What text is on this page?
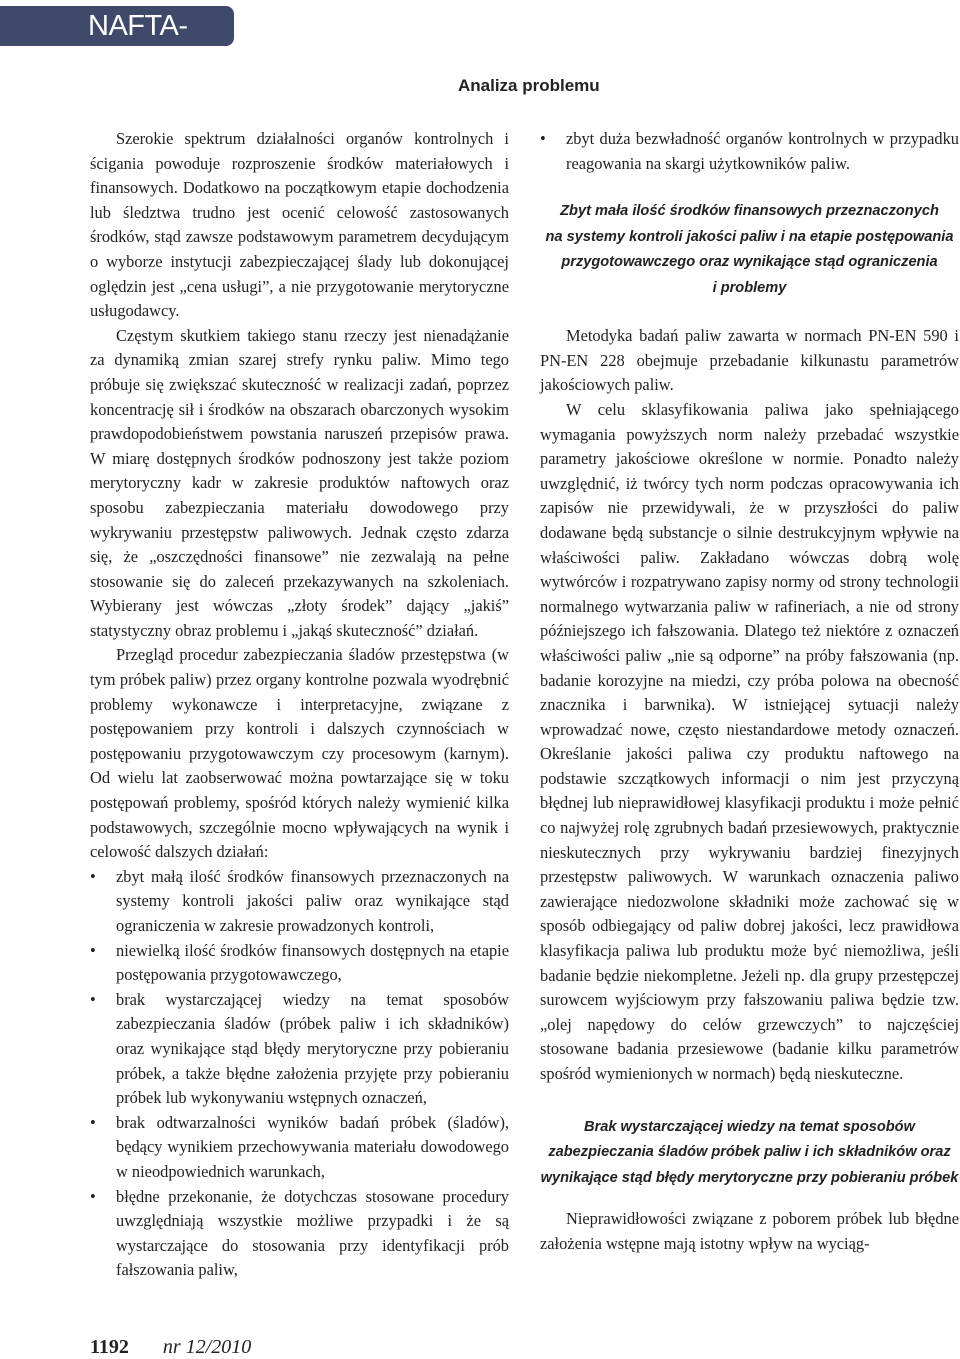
NAFTA-GAZ
Analiza problemu

Szerokie spektrum działalności organów kontrolnych i ścigania powoduje rozproszenie środków materiałowych i finansowych. Dodatkowo na początkowym etapie dochodzenia lub śledztwa trudno jest ocenić celowość zastosowanych środków, stąd zawsze podstawowym parametrem decydującym o wyborze instytucji zabezpieczającej ślady lub dokonującej oględzin jest „cena usługi”, a nie przygotowanie merytoryczne usługodawcy.

Częstym skutkiem takiego stanu rzeczy jest nienadążanie za dynamiką zmian szarej strefy rynku paliw. Mimo tego próbuje się zwiększać skuteczność w realizacji zadań, poprzez koncentrację sił i środków na obszarach obarczonych wysokim prawdopodobieństwem powstania naruszeń przepisów prawa. W miarę dostępnych środków podnoszony jest także poziom merytoryczny kadr w zakresie produktów naftowych oraz sposobu zabezpieczania materiału dowodowego przy wykrywaniu przestępstw paliwowych. Jednak często zdarza się, że „oszczędności finansowe” nie zezwalają na pełne stosowanie się do zaleceń przekazywanych na szkoleniach. Wybierany jest wówczas „złoty środek” dający „jakiś” statystyczny obraz problemu i „jakąś skuteczność” działań.

Przegląd procedur zabezpieczania śladów przestępstwa (w tym próbek paliw) przez organy kontrolne pozwala wyodrębnić problemy wykonawcze i interpretacyjne, związane z postępowaniem przy kontroli i dalszych czynnościach w postępowaniu przygotowawczym czy procesowym (karnym). Od wielu lat zaobserwować można powtarzające się w toku postępowań problemy, spośród których należy wymienić kilka podstawowych, szczególnie mocno wpływających na wynik i celowość dalszych działań:

• zbyt małą ilość środków finansowych przeznaczonych na systemy kontroli jakości paliw oraz wynikające stąd ograniczenia w zakresie prowadzonych kontroli,
• niewielką ilość środków finansowych dostępnych na etapie postępowania przygotowawczego,
• brak wystarczającej wiedzy na temat sposobów zabezpieczania śladów (próbek paliw i ich składników) oraz wynikające stąd błędy merytoryczne przy pobieraniu próbek, a także błędne założenia przyjęte przy pobieraniu próbek lub wykonywaniu wstępnych oznaczeń,
• brak odtwarzalności wyników badań próbek (śladów), będący wynikiem przechowywania materiału dowodowego w nieodpowiednich warunkach,
• błędne przekonanie, że dotychczas stosowane procedury uwzględniają wszystkie możliwe przypadki i że są wystarczające do stosowania przy identyfikacji prób fałszowania paliw,
• zbyt duża bezwładność organów kontrolnych w przypadku reagowania na skargi użytkowników paliw.
Zbyt mała ilość środków finansowych przeznaczonych
na systemy kontroli jakości paliw i na etapie postępowania
przygotowawczego oraz wynikające stąd ograniczenia
i problemy

Metodyka badań paliw zawarta w normach PN-EN 590 i PN-EN 228 obejmuje przebadanie kilkunastu parametrów jakościowych paliw.

W celu sklasyfikowania paliwa jako spełniającego wymagania powyższych norm należy przebadać wszystkie parametry jakościowe określone w normie. Ponadto należy uwzględnić, iż twórcy tych norm podczas opracowywania ich zapisów nie przewidywali, że w przyszłości do paliw dodawane będą substancje o silnie destrukcyjnym wpływie na właściwości paliw. Zakładano wówczas dobrą wolę wytwórców i rozpatrywano zapisy normy od strony technologii normalnego wytwarzania paliw w rafineriach, a nie od strony późniejszego ich fałszowania. Dlatego też niektóre z oznaczeń właściwości paliw „nie są odporne” na próby fałszowania (np. badanie korozyjne na miedzi, czy próba polowa na obecność znacznika i barwnika). W istniejącej sytuacji należy wprowadzać nowe, często niestandardowe metody oznaczeń. Określanie jakości paliwa czy produktu naftowego na podstawie szczątkowych informacji o nim jest przyczyną błędnej lub nieprawidłowej klasyfikacji produktu i może pełnić co najwyżej rolę zgrubnych badań przesiewowych, praktycznie nieskutecznych przy wykrywaniu bardziej finezyjnych przestępstw paliwowych. W warunkach oznaczenia paliwo zawierające niedozwolone składniki może zachować się w sposób odbiegający od paliw dobrej jakości, lecz prawidłowa klasyfikacja paliwa lub produktu może być niemożliwa, jeśli badanie będzie niekompletne. Jeżeli np. dla grupy przestępczej surowcem wyjściowym przy fałszowaniu paliwa będzie tzw. „olej napędowy do celów grzewczych” to najczęściej stosowane badania przesiewowe (badanie kilku parametrów spośród wymienionych w normach) będą nieskuteczne.

Brak wystarczającej wiedzy na temat sposobów
zabezpieczania śladów próbek paliw i ich składników oraz
wynikające stąd błędy merytoryczne przy pobieraniu próbek

Nieprawidłowości związane z poborem próbek lub błędne założenia wstępne mają istotny wpływ na wyciąg-

1192 nr 12/2010
